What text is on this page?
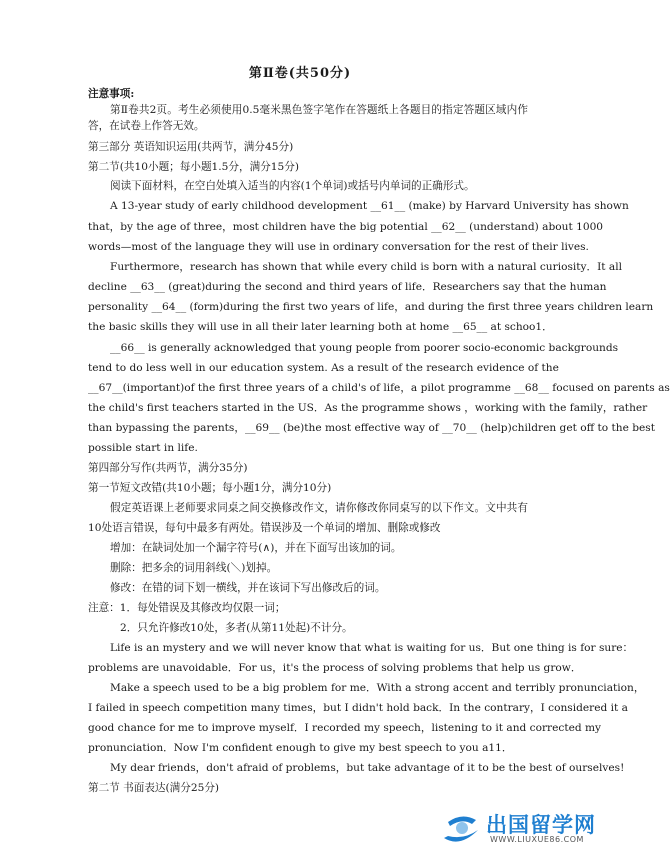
第Ⅱ卷(共50分)
注意事项:
第Ⅱ卷共2页。考生必须使用0.5毫米黑色签字笔作在答题纸上各题目的指定答题区域内作
答，在试卷上作答无效。
第三部分 英语知识运用(共两节，满分45分)
第二节(共10小题；每小题1.5分，满分15分)
阅读下面材料，在空白处填入适当的内容(1个单词)或括号内单词的正确形式。
A 13-year study of early childhood development __61__ (make) by Harvard University has shown
that，by the age of three，most children have the big potential __62__ (understand) about 1000
words—most of the language they will use in ordinary conversation for the rest of their lives.
Furthermore，research has shown that while every child is born with a natural curiosity．It all
decline __63__ (great)during the second and third years of life．Researchers say that the human
personality __64__ (form)during the first two years of life，and during the first three years children learn
the basic skills they will use in all their later learning both at home __65__ at schoo1．
__66__ is generally acknowledged that young people from poorer socio-economic backgrounds
tend to do less well in our education system. As a result of the research evidence of the
__67__(important)of the first three years of a child's of life，a pilot programme __68__ focused on parents as
the child's first teachers started in the US．As the programme shows ，working with the family，rather
than bypassing the parents，__69__ (be)the most effective way of __70__ (help)children get off to the best
possible start in life.
第四部分写作(共两节，满分35分)
第一节短文改错(共10小题；每小题1分，满分10分)
假定英语课上老师要求同桌之间交换修改作文，请你修改你同桌写的以下作文。文中共有
10处语言错误，每句中最多有两处。错误涉及一个单词的增加、删除或修改
增加：在缺词处加一个漏字符号(∧)，并在下面写出该加的词。
删除：把多余的词用斜线(＼)划掉。
修改：在错的词下划一横线，并在该词下写出修改后的词。
注意：1．每处错误及其修改均仅限一词；
2．只允许修改10处，多者(从第11处起)不计分。
Life is an mystery and we will never know that what is waiting for us．But one thing is for sure：
problems are unavoidable．For us，it's the process of solving problems that help us grow．
Make a speech used to be a big problem for me．With a strong accent and terribly pronunciation，
I failed in speech competition many times，but I didn't hold back．In the contrary，I considered it a
good chance for me to improve myself．I recorded my speech，listening to it and corrected my
pronunciation．Now I'm confident enough to give my best speech to you a11．
My dear friends，don't afraid of problems，but take advantage of it to be the best of ourselves!
第二节 书面表达(满分25分)
出国留学网
WWW.LIUXUE86.COM
